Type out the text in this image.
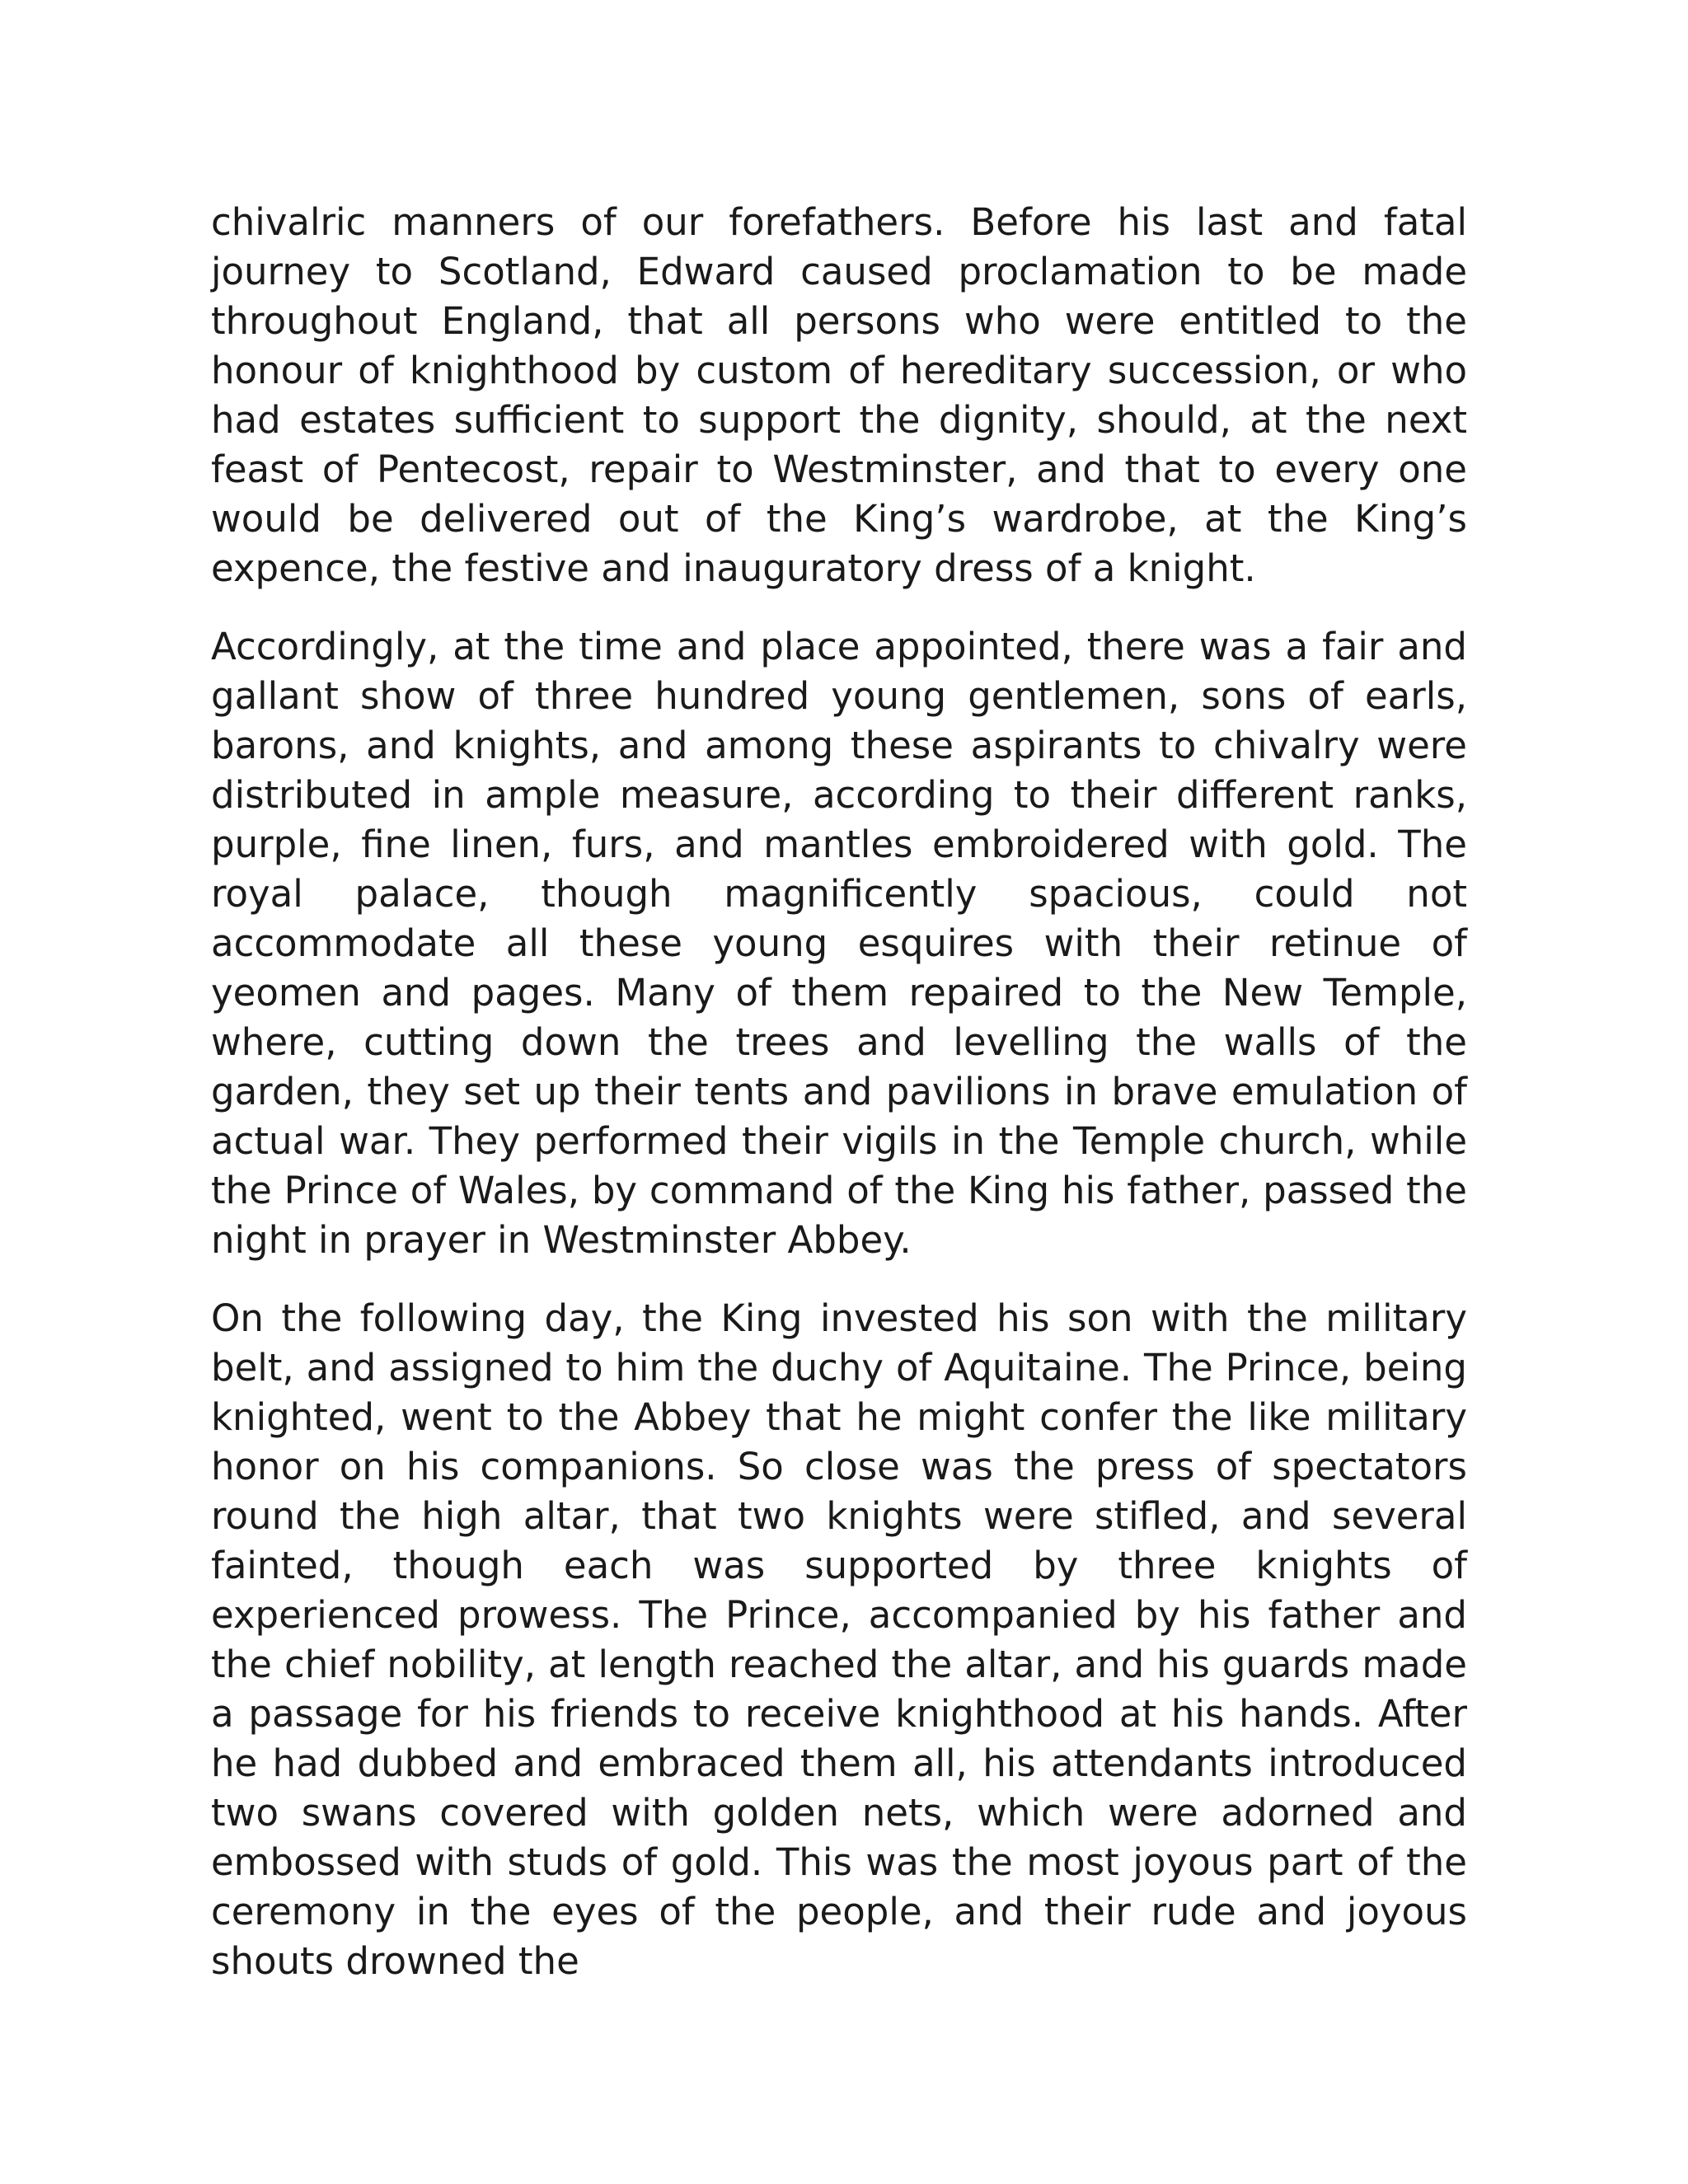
chivalric manners of our forefathers. Before his last and fatal journey to Scotland, Edward caused proclamation to be made throughout England, that all persons who were entitled to the honour of knighthood by custom of hereditary succession, or who had estates sufficient to support the dignity, should, at the next feast of Pentecost, repair to Westminster, and that to every one would be delivered out of the King’s wardrobe, at the King’s expence, the festive and inauguratory dress of a knight.

Accordingly, at the time and place appointed, there was a fair and gallant show of three hundred young gentlemen, sons of earls, barons, and knights, and among these aspirants to chivalry were distributed in ample measure, according to their different ranks, purple, fine linen, furs, and mantles embroidered with gold. The royal palace, though magnificently spacious, could not accommodate all these young esquires with their retinue of yeomen and pages. Many of them repaired to the New Temple, where, cutting down the trees and levelling the walls of the garden, they set up their tents and pavilions in brave emulation of actual war. They performed their vigils in the Temple church, while the Prince of Wales, by command of the King his father, passed the night in prayer in Westminster Abbey.

On the following day, the King invested his son with the military belt, and assigned to him the duchy of Aquitaine. The Prince, being knighted, went to the Abbey that he might confer the like military honor on his companions. So close was the press of spectators round the high altar, that two knights were stifled, and several fainted, though each was supported by three knights of experienced prowess. The Prince, accompanied by his father and the chief nobility, at length reached the altar, and his guards made a passage for his friends to receive knighthood at his hands. After he had dubbed and embraced them all, his attendants introduced two swans covered with golden nets, which were adorned and embossed with studs of gold. This was the most joyous part of the ceremony in the eyes of the people, and their rude and joyous shouts drowned the
